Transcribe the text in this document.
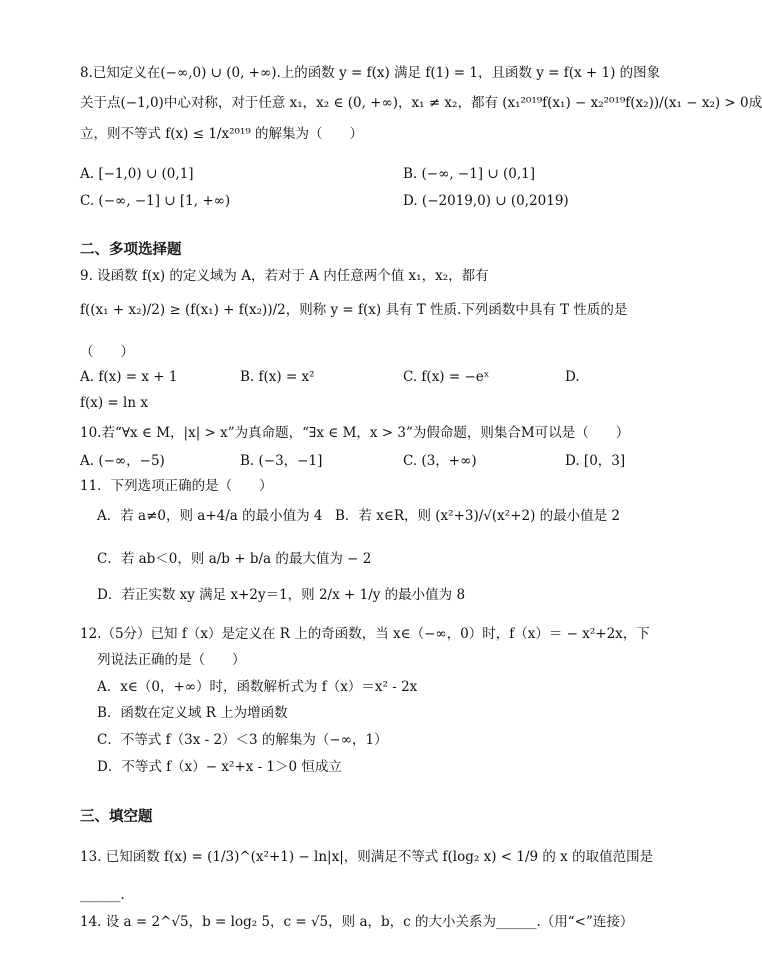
8.已知定义在(−∞,0) ∪ (0, +∞).上的函数 y = f(x) 满足 f(1) = 1，且函数 y = f(x + 1) 的图象
关于点(−1,0)中心对称，对于任意 x₁，x₂ ∈ (0, +∞)，x₁ ≠ x₂，都有 (x₁²⁰¹⁹f(x₁) − x₂²⁰¹⁹f(x₂))/(x₁ − x₂) > 0成
立，则不等式 f(x) ≤ 1/x²⁰¹⁹ 的解集为（　　）
A. [−1,0) ∪ (0,1]	B. (−∞, −1] ∪ (0,1]
C. (−∞, −1] ∪ [1, +∞)	D. (−2019,0) ∪ (0,2019)
二、多项选择题
9. 设函数 f(x) 的定义域为 A，若对于 A 内任意两个值 x₁，x₂，都有
f((x₁ + x₂)/2) ≥ (f(x₁) + f(x₂))/2，则称 y = f(x) 具有 T 性质.下列函数中具有 T 性质的是
（　　）
A. f(x) = x + 1	B. f(x) = x²	C. f(x) = −eˣ	D.
f(x) = ln x
10.若“∀x ∈ M，|x| > x”为真命题，“∃x ∈ M，x > 3”为假命题，则集合M可以是（　　）
A. (−∞，−5)	B. (−3，−1]	C. (3，+∞)	D. [0，3]
11．下列选项正确的是（　　）
A．若 a≠0，则 a+4/a 的最小值为 4 B．若 x∈R，则 (x²+3)/√(x²+2) 的最小值是 2
C．若 ab＜0，则 a/b + b/a 的最大值为 − 2
D．若正实数 xy 满足 x+2y＝1，则 2/x + 1/y 的最小值为 8
12.（5分）已知 f（x）是定义在 R 上的奇函数，当 x∈（−∞，0）时，f（x）＝ − x²+2x，下
列说法正确的是（　　）
A．x∈（0，+∞）时，函数解析式为 f（x）＝x² - 2x
B．函数在定义域 R 上为增函数
C．不等式 f（3x - 2）＜3 的解集为（−∞，1）
D．不等式 f（x）− x²+x - 1＞0 恒成立
三、填空题
13. 已知函数 f(x) = (1/3)^(x²+1) − ln|x|，则满足不等式 f(log₂ x) < 1/9 的 x 的取值范围是
______.
14. 设 a = 2^√5，b = log₂ 5，c = √5，则 a，b，c 的大小关系为______.（用“<”连接）
